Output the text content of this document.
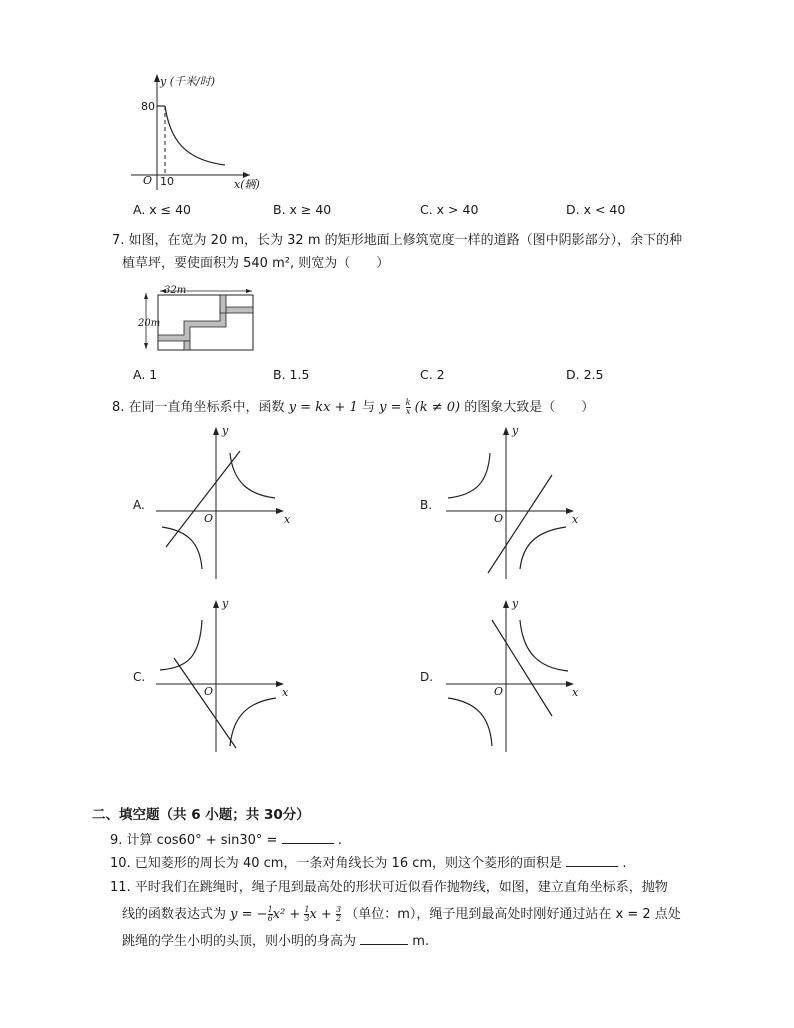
y (千米/时)
80
O 10	x(辆)
A. x ≤ 40	B. x ≥ 40	C. x > 40	D. x < 40
7. 如图，在宽为 20 m，长为 32 m 的矩形地面上修筑宽度一样的道路（图中阴影部分），余下的种
植草坪，要使面积为 540 m², 则宽为（　　）
32m
20m
A. 1	B. 1.5	C. 2	D. 2.5
8. 在同一直角坐标系中，函数 y = kx + 1 与 $y = \frac{k}{x} (k \ne 0)$ 的图象大致是（　　）
A.
y
x
O
B.
y
x
O
C.
y
x
O
D.
y
x
O
二、填空题（共 6 小题；共 30分）
9. 计算 cos60° + sin30° =	.
10. 已知菱形的周长为 40 cm，一条对角线长为 16 cm，则这个菱形的面积是	.
11. 平时我们在跳绳时，绳子甩到最高处的形状可近似看作抛物线，如图，建立直角坐标系，抛物
线的函数表达式为 y = − $\frac{1}{6} x^2 + \frac{1}{3}$ $x + \frac{3}{2}$ （单位：m），绳子甩到最高处时刚好通过站在 x = 2 点处
跳绳的学生小明的头顶，则小明的身高为	m.
